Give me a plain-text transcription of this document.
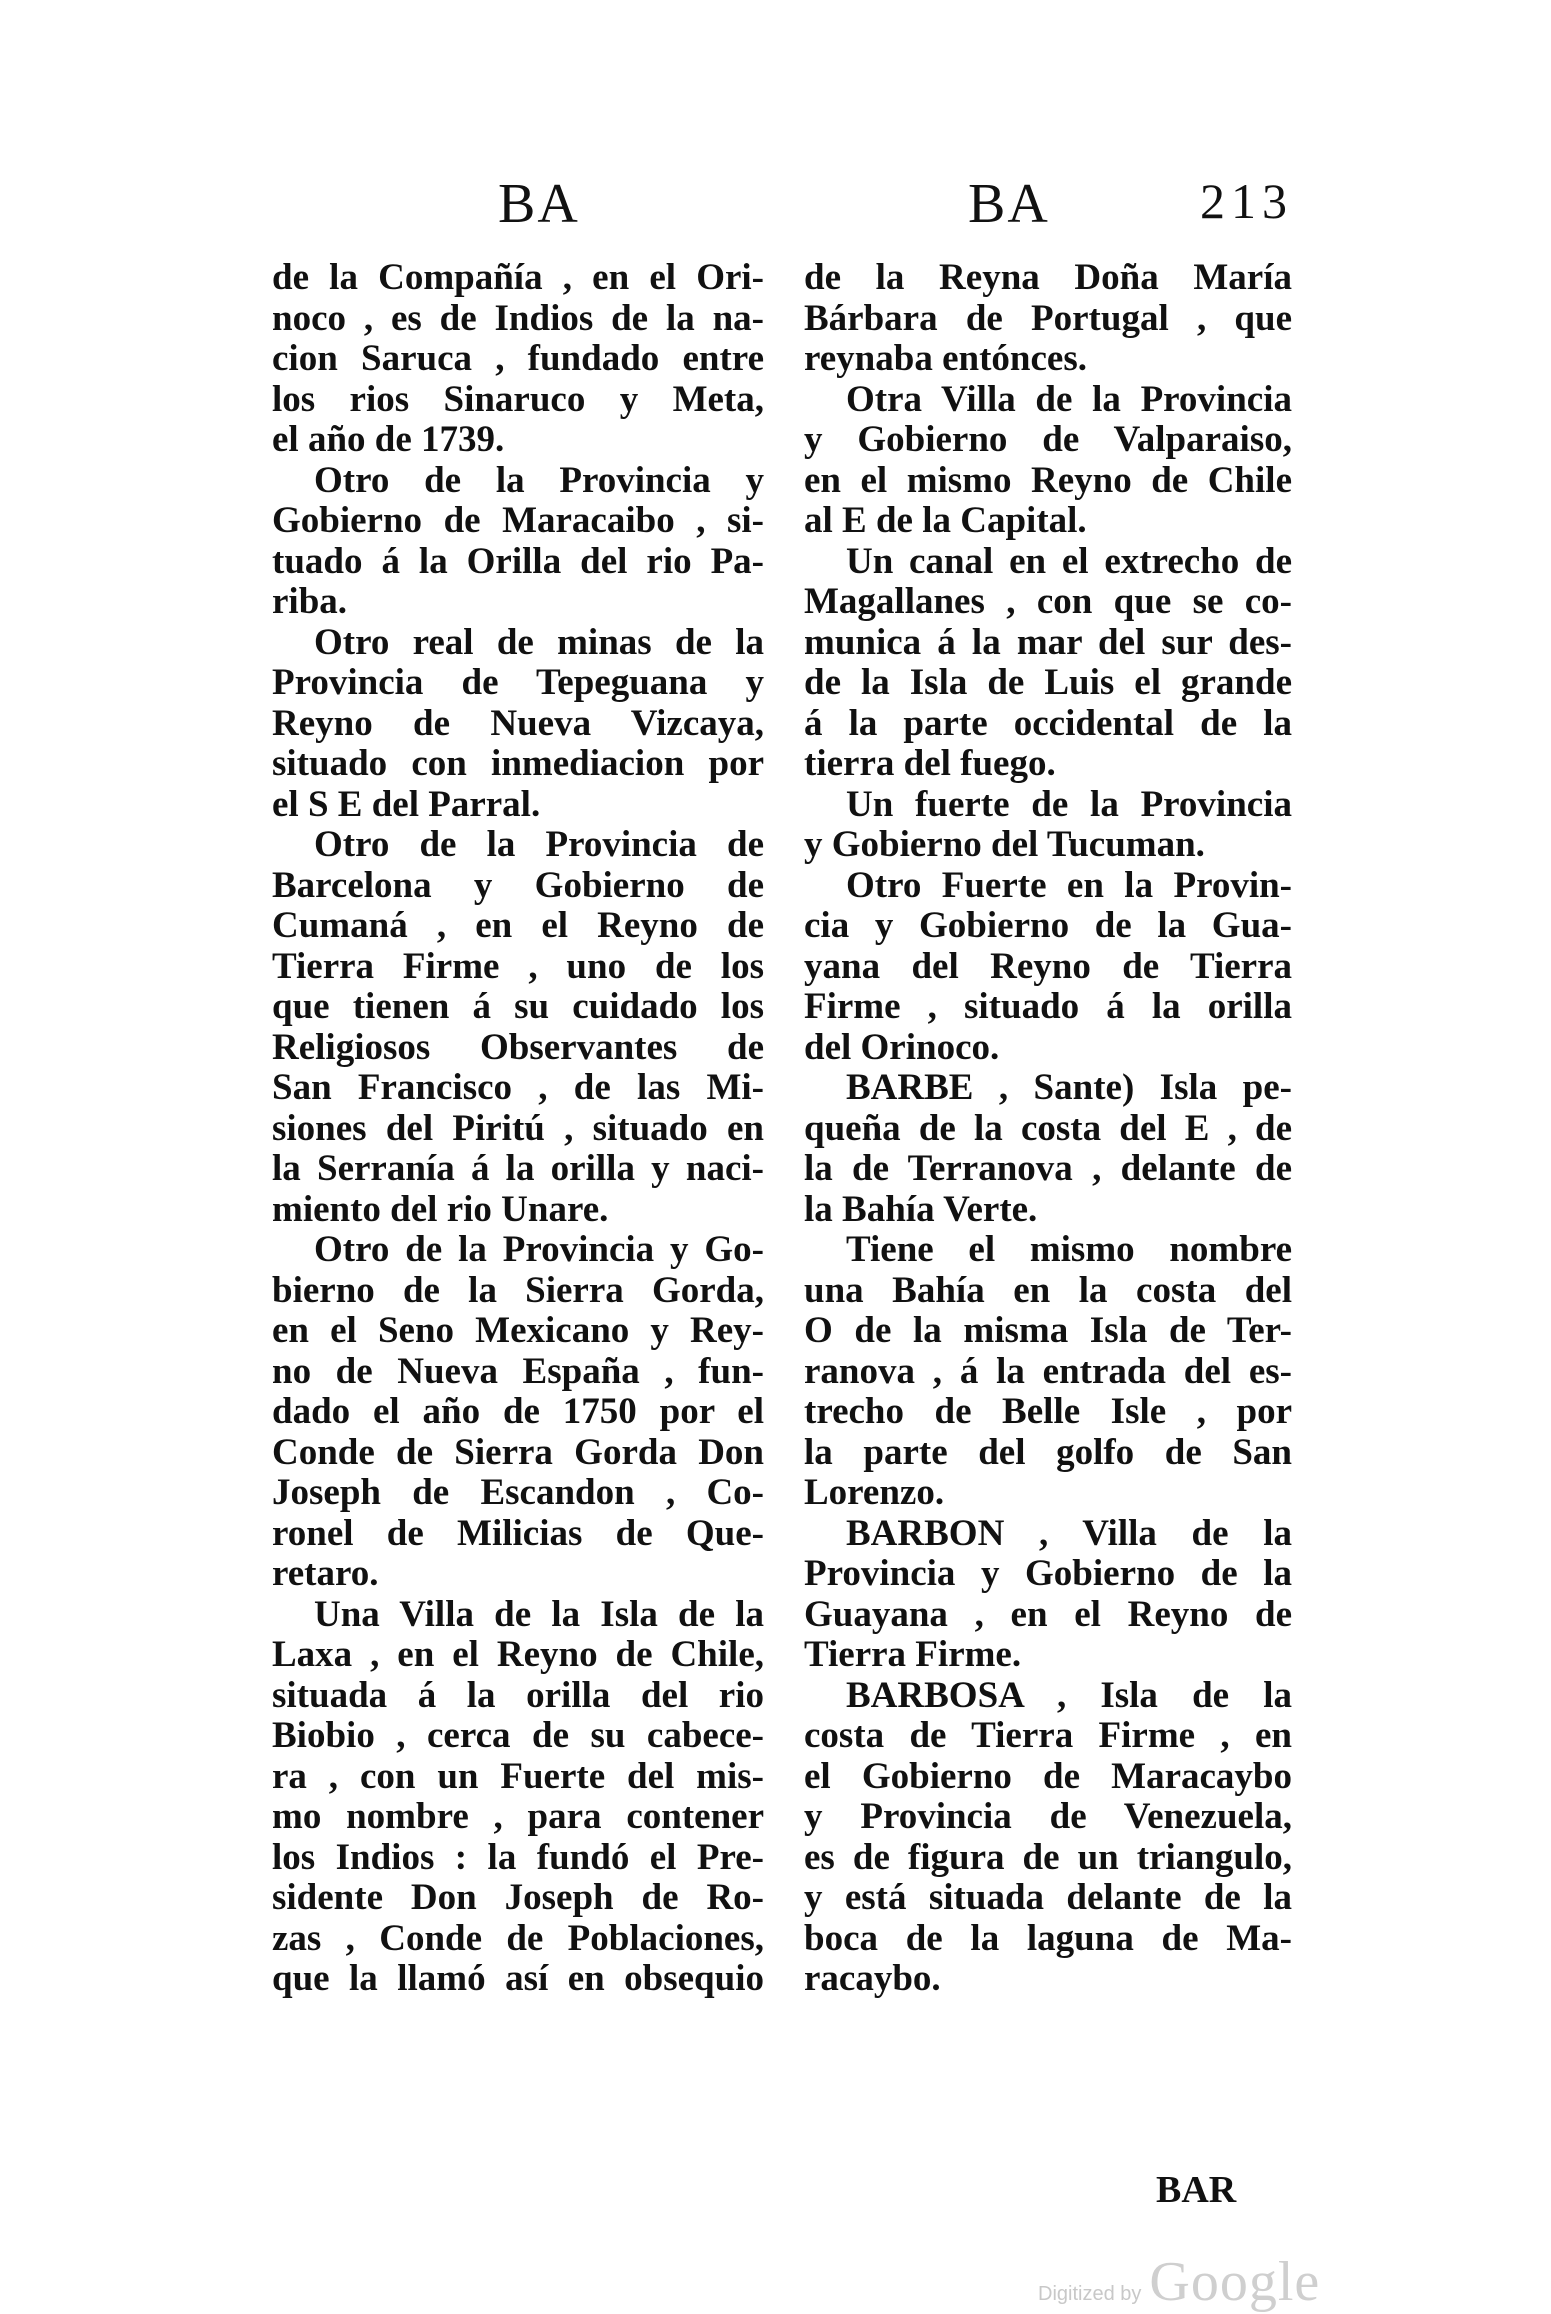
BA	BA	213
de la Compañía , en el Ori-
noco , es de Indios de la na-
cion Saruca , fundado entre
los rios Sinaruco y Meta,
el año de 1739.
Otro de la Provincia y
Gobierno de Maracaibo , si-
tuado á la Orilla del rio Pa-
riba.
Otro real de minas de la
Provincia de Tepeguana y
Reyno de Nueva Vizcaya,
situado con inmediacion por
el S E del Parral.
Otro de la Provincia de
Barcelona y Gobierno de
Cumaná , en el Reyno de
Tierra Firme , uno de los
que tienen á su cuidado los
Religiosos Observantes de
San Francisco , de las Mi-
siones del Piritú , situado en
la Serranía á la orilla y naci-
miento del rio Unare.
Otro de la Provincia y Go-
bierno de la Sierra Gorda,
en el Seno Mexicano y Rey-
no de Nueva España , fun-
dado el año de 1750 por el
Conde de Sierra Gorda Don
Joseph de Escandon , Co-
ronel de Milicias de Que-
retaro.
Una Villa de la Isla de la
Laxa , en el Reyno de Chile,
situada á la orilla del rio
Biobio , cerca de su cabece-
ra , con un Fuerte del mis-
mo nombre , para contener
los Indios : la fundó el Pre-
sidente Don Joseph de Ro-
zas , Conde de Poblaciones,
que la llamó así en obsequio
de la Reyna Doña María
Bárbara de Portugal , que
reynaba entónces.
Otra Villa de la Provincia
y Gobierno de Valparaiso,
en el mismo Reyno de Chile
al E de la Capital.
Un canal en el extrecho de
Magallanes , con que se co-
munica á la mar del sur des-
de la Isla de Luis el grande
á la parte occidental de la
tierra del fuego.
Un fuerte de la Provincia
y Gobierno del Tucuman.
Otro Fuerte en la Provin-
cia y Gobierno de la Gua-
yana del Reyno de Tierra
Firme , situado á la orilla
del Orinoco.
BARBE , Sante) Isla pe-
queña de la costa del E , de
la de Terranova , delante de
la Bahía Verte.
Tiene el mismo nombre
una Bahía en la costa del
O de la misma Isla de Ter-
ranova , á la entrada del es-
trecho de Belle Isle , por
la parte del golfo de San
Lorenzo.
BARBON , Villa de la
Provincia y Gobierno de la
Guayana , en el Reyno de
Tierra Firme.
BARBOSA , Isla de la
costa de Tierra Firme , en
el Gobierno de Maracaybo
y Provincia de Venezuela,
es de figura de un triangulo,
y está situada delante de la
boca de la laguna de Ma-
racaybo.
BAR
Digitized by Google
